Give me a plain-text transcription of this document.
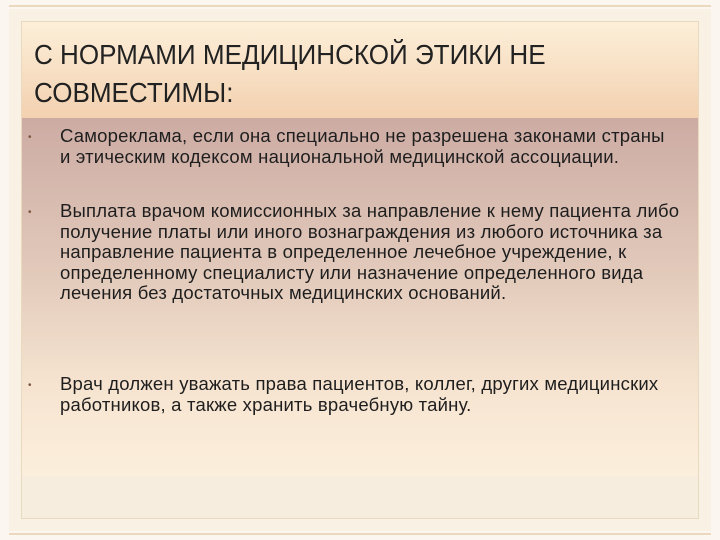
С НОРМАМИ МЕДИЦИНСКОЙ ЭТИКИ НЕ СОВМЕСТИМЫ:
• Самореклама, если она специально не разрешена законами страны и этическим кодексом национальной медицинской ассоциации.
• Выплата врачом комиссионных за направление к нему пациента либо получение платы или иного вознаграждения из любого источника за направление пациента в определенное лечебное учреждение, к определенному специалисту или назначение определенного вида лечения без достаточных медицинских оснований.
• Врач должен уважать права пациентов, коллег, других медицинских работников, а также хранить врачебную тайну.
